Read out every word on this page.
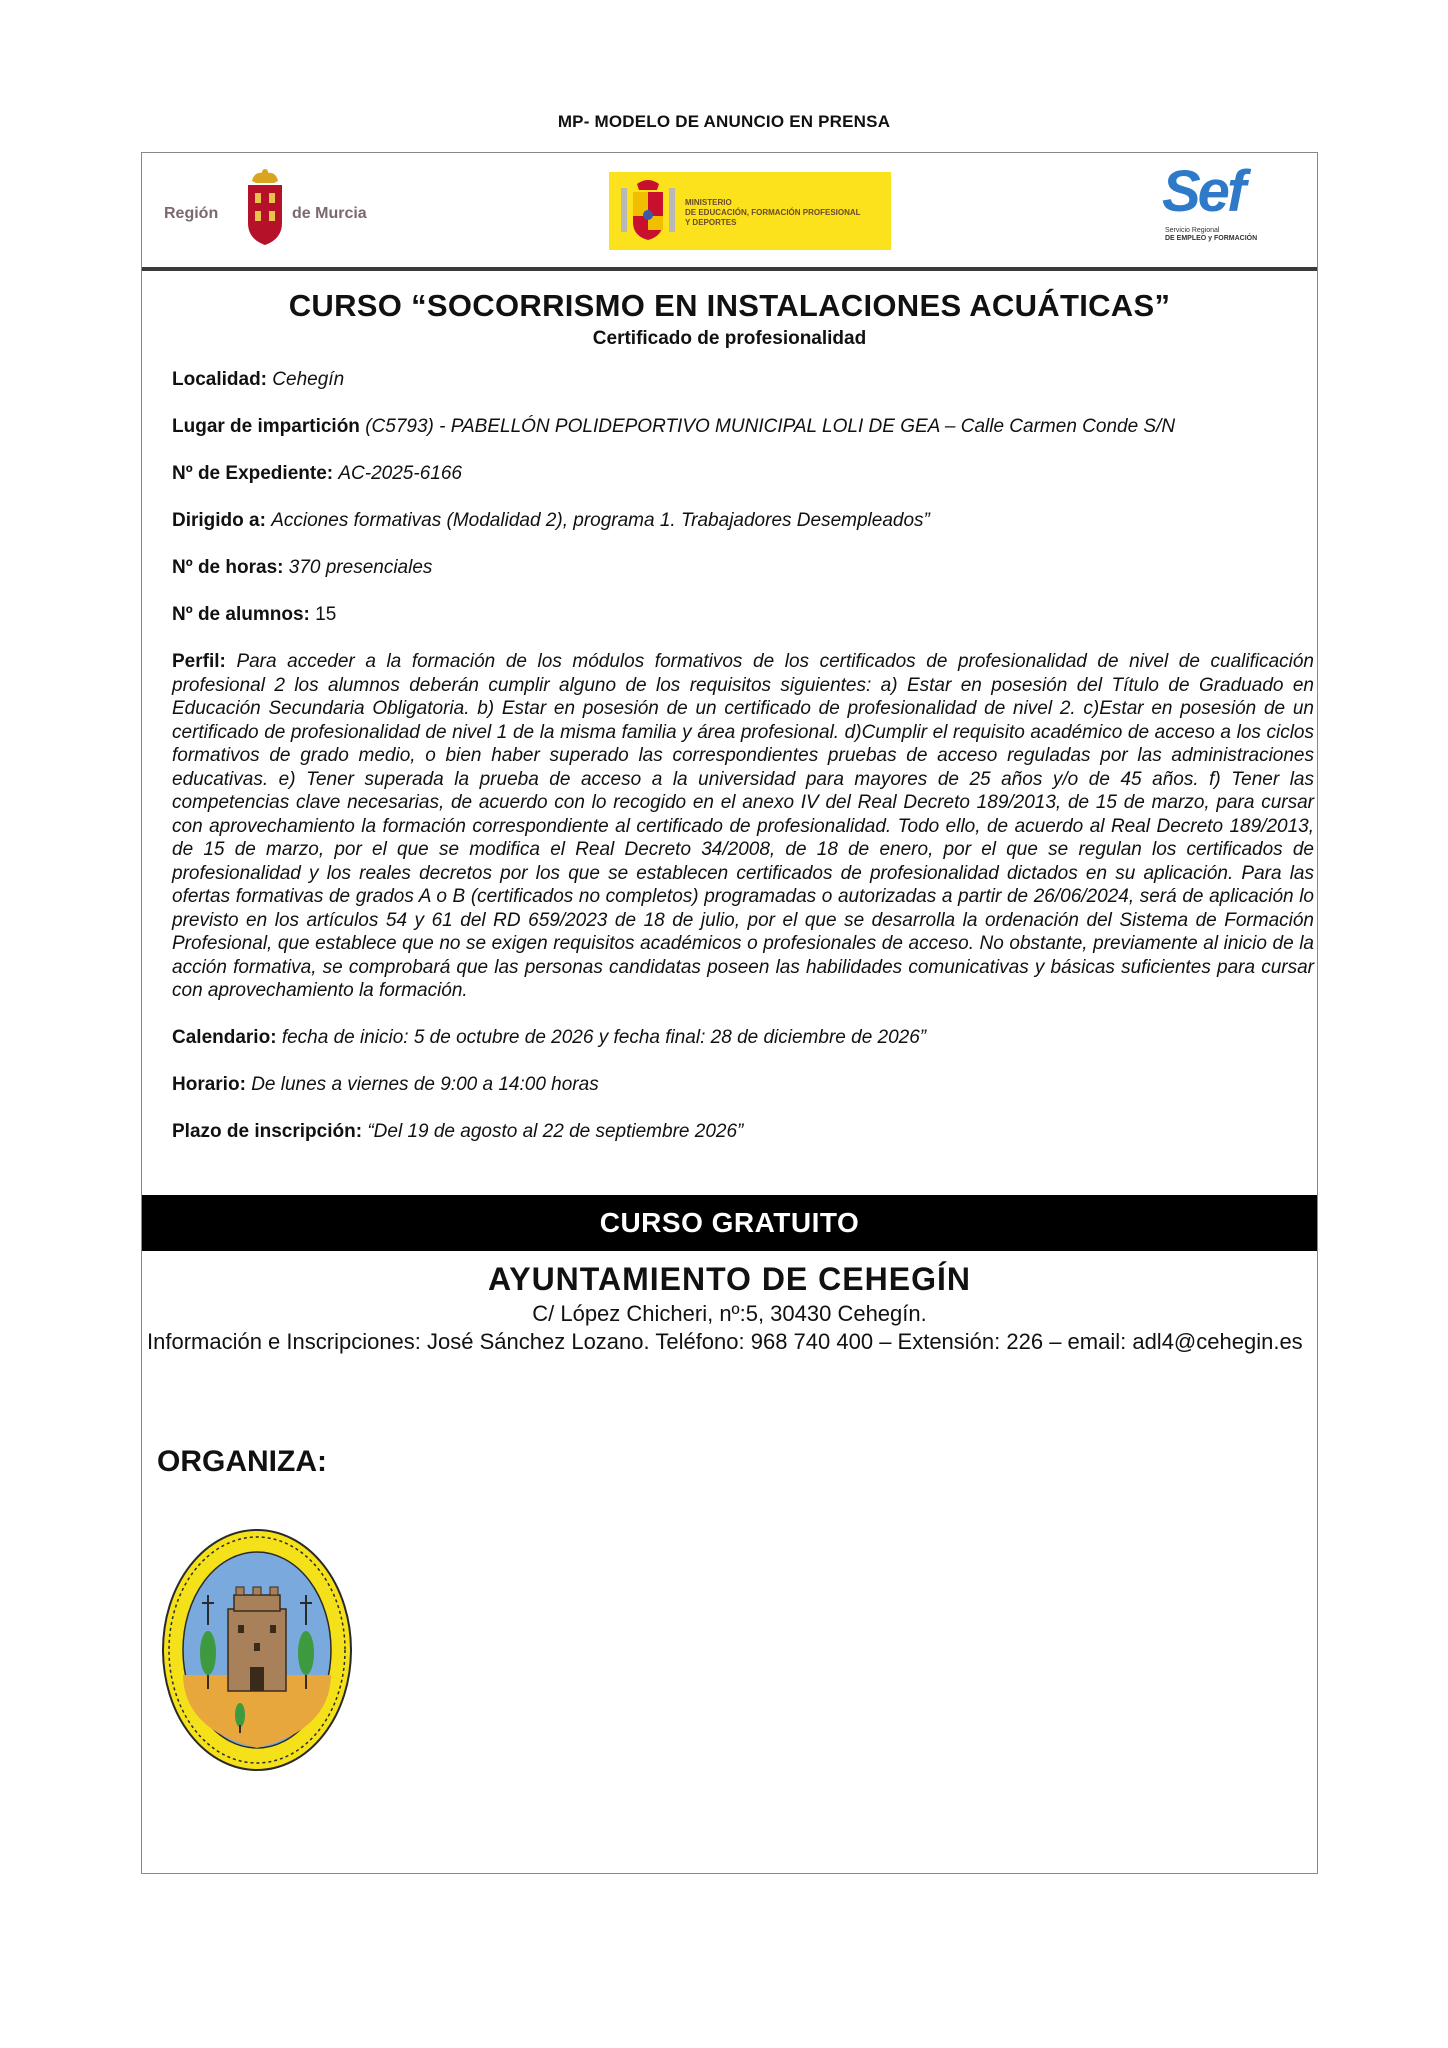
MP- MODELO DE ANUNCIO EN PRENSA
Región	de Murcia
MINISTERIO
DE EDUCACIÓN, FORMACIÓN PROFESIONAL
Y DEPORTES	Sef
Servicio Regional
DE EMPLEO y FORMACIÓN
CURSO “SOCORRISMO EN INSTALACIONES ACUÁTICAS”
Certificado de profesionalidad

Localidad: Cehegín

Lugar de impartición (C5793) - PABELLÓN POLIDEPORTIVO MUNICIPAL LOLI DE GEA – Calle Carmen Conde S/N

Nº de Expediente: AC-2025-6166

Dirigido a: Acciones formativas (Modalidad 2), programa 1. Trabajadores Desempleados”

Nº de horas: 370 presenciales

Nº de alumnos: 15

Perfil: Para acceder a la formación de los módulos formativos de los certificados de profesionalidad de nivel de cualificación profesional 2 los alumnos deberán cumplir alguno de los requisitos siguientes: a) Estar en posesión del Título de Graduado en Educación Secundaria Obligatoria. b) Estar en posesión de un certificado de profesionalidad de nivel 2. c)Estar en posesión de un certificado de profesionalidad de nivel 1 de la misma familia y área profesional. d)Cumplir el requisito académico de acceso a los ciclos formativos de grado medio, o bien haber superado las correspondientes pruebas de acceso reguladas por las administraciones educativas. e) Tener superada la prueba de acceso a la universidad para mayores de 25 años y/o de 45 años. f) Tener las competencias clave necesarias, de acuerdo con lo recogido en el anexo IV del Real Decreto 189/2013, de 15 de marzo, para cursar con aprovechamiento la formación correspondiente al certificado de profesionalidad. Todo ello, de acuerdo al Real Decreto 189/2013, de 15 de marzo, por el que se modifica el Real Decreto 34/2008, de 18 de enero, por el que se regulan los certificados de profesionalidad y los reales decretos por los que se establecen certificados de profesionalidad dictados en su aplicación. Para las ofertas formativas de grados A o B (certificados no completos) programadas o autorizadas a partir de 26/06/2024, será de aplicación lo previsto en los artículos 54 y 61 del RD 659/2023 de 18 de julio, por el que se desarrolla la ordenación del Sistema de Formación Profesional, que establece que no se exigen requisitos académicos o profesionales de acceso. No obstante, previamente al inicio de la acción formativa, se comprobará que las personas candidatas poseen las habilidades comunicativas y básicas suficientes para cursar con aprovechamiento la formación.

Calendario: fecha de inicio: 5 de octubre de 2026 y fecha final: 28 de diciembre de 2026”

Horario: De lunes a viernes de 9:00 a 14:00 horas

Plazo de inscripción: “Del 19 de agosto al 22 de septiembre 2026”

CURSO GRATUITO
AYUNTAMIENTO DE CEHEGÍN
C/ López Chicheri, nº:5, 30430 Cehegín.
Información e Inscripciones: José Sánchez Lozano. Teléfono: 968 740 400 – Extensión: 226 – email: adl4@cehegin.es
ORGANIZA:
